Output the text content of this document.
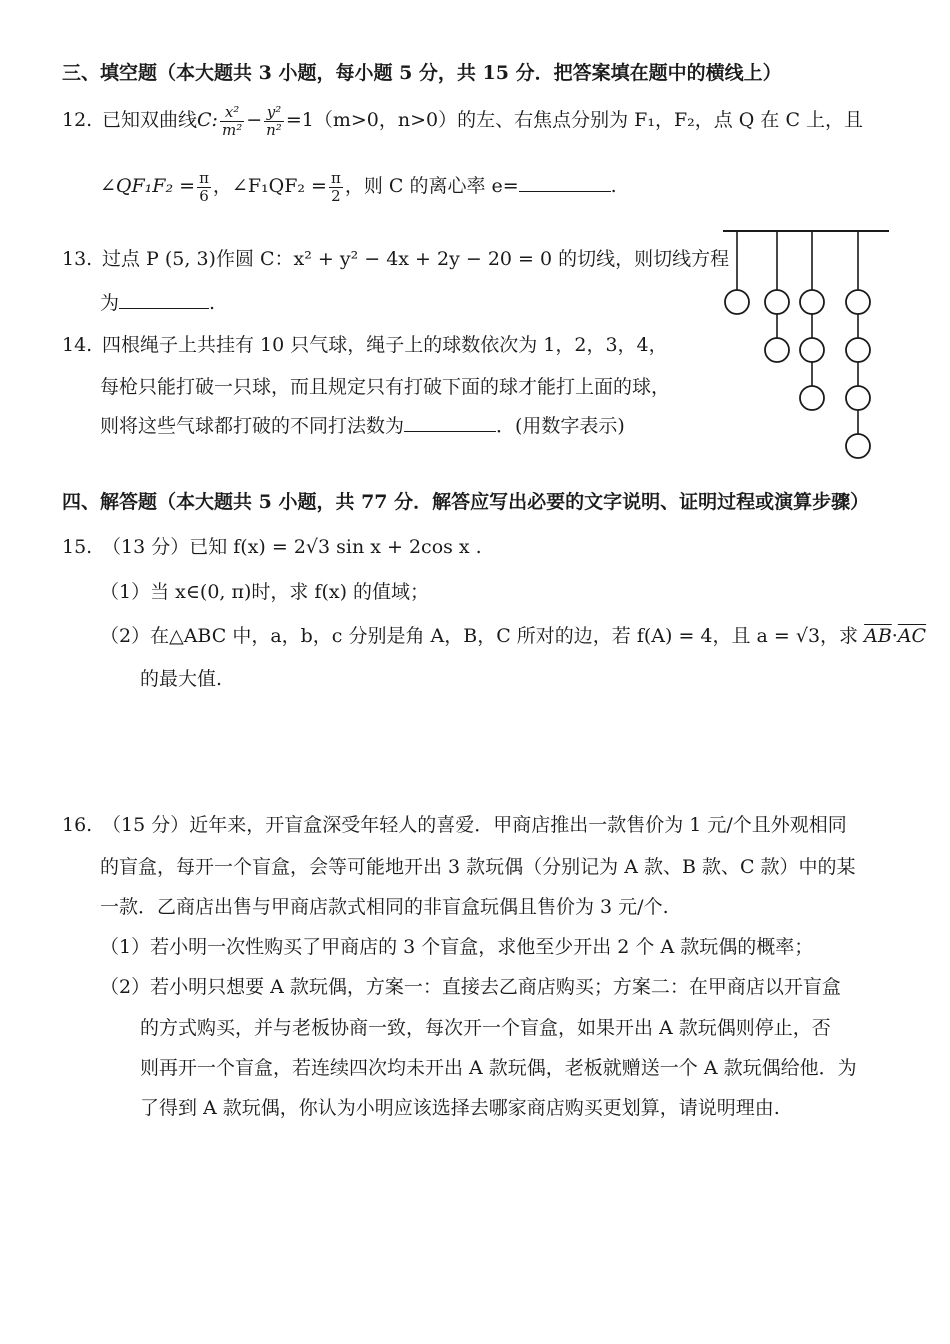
三、填空题（本大题共 3 小题，每小题 5 分，共 15 分．把答案填在题中的横线上）
12. 已知双曲线C: $\frac{\text{x²}}{\text{m²}} - \frac{\text{y²}}{\text{n²}} =1(m>0$，n>0）的左、右焦点分别为 F₁，F₂，点 Q 在 C 上，且
∠QF₁F₂ = $\frac{\pi}{6}$ ，∠F₁QF₂ = $\frac{\pi}{2}$ ，则 C 的离心率 e=	.
13. 过点 P (5, 3)作圆 C：x² + y² − 4x + 2y − 20 = 0 的切线，则切线方程
为	.
14. 四根绳子上共挂有 10 只气球，绳子上的球数依次为 1，2，3，4，
每枪只能打破一只球，而且规定只有打破下面的球才能打上面的球，
则将这些气球都打破的不同打法数为	．(用数字表示)
四、解答题（本大题共 5 小题，共 77 分．解答应写出必要的文字说明、证明过程或演算步骤）
15. （13 分）已知 f(x) = 2√3 sin x + 2cos x .
（1）当 x∈(0, π)时，求 f(x) 的值域；
（2）在△ABC 中，a，b，c 分别是角 A，B，C 所对的边，若 f(A) = 4，且 a = √3，求 $\overline{AB}\cdot\overline{AC}$
的最大值.
16. （15 分）近年来，开盲盒深受年轻人的喜爱．甲商店推出一款售价为 1 元/个且外观相同
的盲盒，每开一个盲盒，会等可能地开出 3 款玩偶（分别记为 A 款、B 款、C 款）中的某
一款．乙商店出售与甲商店款式相同的非盲盒玩偶且售价为 3 元/个.
（1）若小明一次性购买了甲商店的 3 个盲盒，求他至少开出 2 个 A 款玩偶的概率；
（2）若小明只想要 A 款玩偶，方案一：直接去乙商店购买；方案二：在甲商店以开盲盒
的方式购买，并与老板协商一致，每次开一个盲盒，如果开出 A 款玩偶则停止，否
则再开一个盲盒，若连续四次均未开出 A 款玩偶，老板就赠送一个 A 款玩偶给他．为
了得到 A 款玩偶，你认为小明应该选择去哪家商店购买更划算，请说明理由.
